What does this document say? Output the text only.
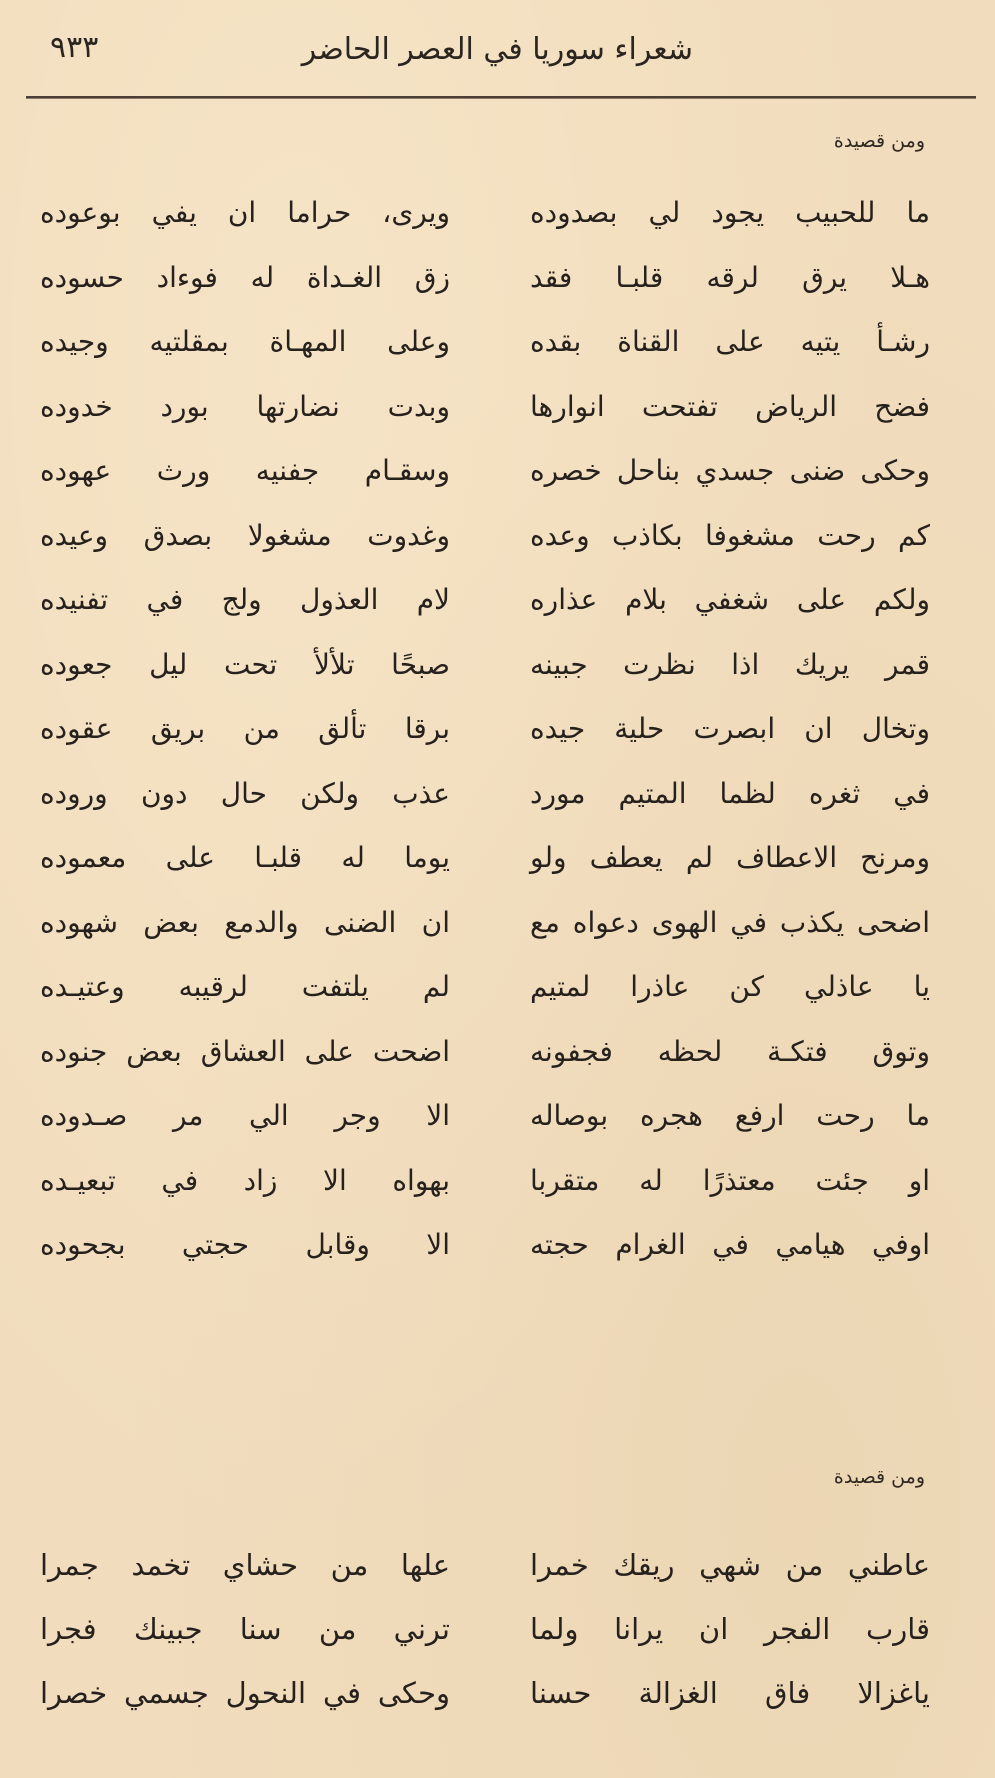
شعراء سوريا في العصر الحاضر
٩٣٣
ومن قصيدة
ما للحبيب يجود لي بصدوده
ويرى، حراما ان يفي بوعوده
هـلا يرق لرقه قلبـا فقد
زق الغـداة له فوءاد حسوده
رشـأ يتيه على القناة بقده
وعلى المهـاة بمقلتيه وجيده
فضح الرياض تفتحت انوارها
وبدت نضارتها بورد خدوده
وحكى ضنى جسدي بناحل خصره
وسقـام جفنيه ورث عهوده
كم رحت مشغوفا بكاذب وعده
وغدوت مشغولا بصدق وعيده
ولكم على شغفي بلام عذاره
لام العذول ولج في تفنيده
قمر يريك اذا نظرت جبينه
صبحًا تلألأ تحت ليل جعوده
وتخال ان ابصرت حلية جيده
برقا تألق من بريق عقوده
في ثغره لظما المتيم مورد
عذب ولكن حال دون وروده
ومرنح الاعطاف لم يعطف ولو
يوما له قلبـا على معموده
اضحى يكذب في الهوى دعواه مع
ان الضنى والدمع بعض شهوده
يا عاذلي كن عاذرا لمتيم
لم يلتفت لرقيبه وعتيـده
وتوق فتكـة لحظه فجفونه
اضحت على العشاق بعض جنوده
ما رحت ارفع هجره بوصاله
الا وجر الي مر صـدوده
او جئت معتذرًا له متقربا
بهواه الا زاد في تبعيـده
اوفي هيامي في الغرام حجته
الا وقابل حجتي بجحوده
ومن قصيدة
عاطني من شهي ريقك خمرا
علها من حشاي تخمد جمرا
قارب الفجر ان يرانا ولما
ترني من سنا جبينك فجرا
ياغزالا فاق الغزالة حسنا
وحكى في النحول جسمي خصرا
